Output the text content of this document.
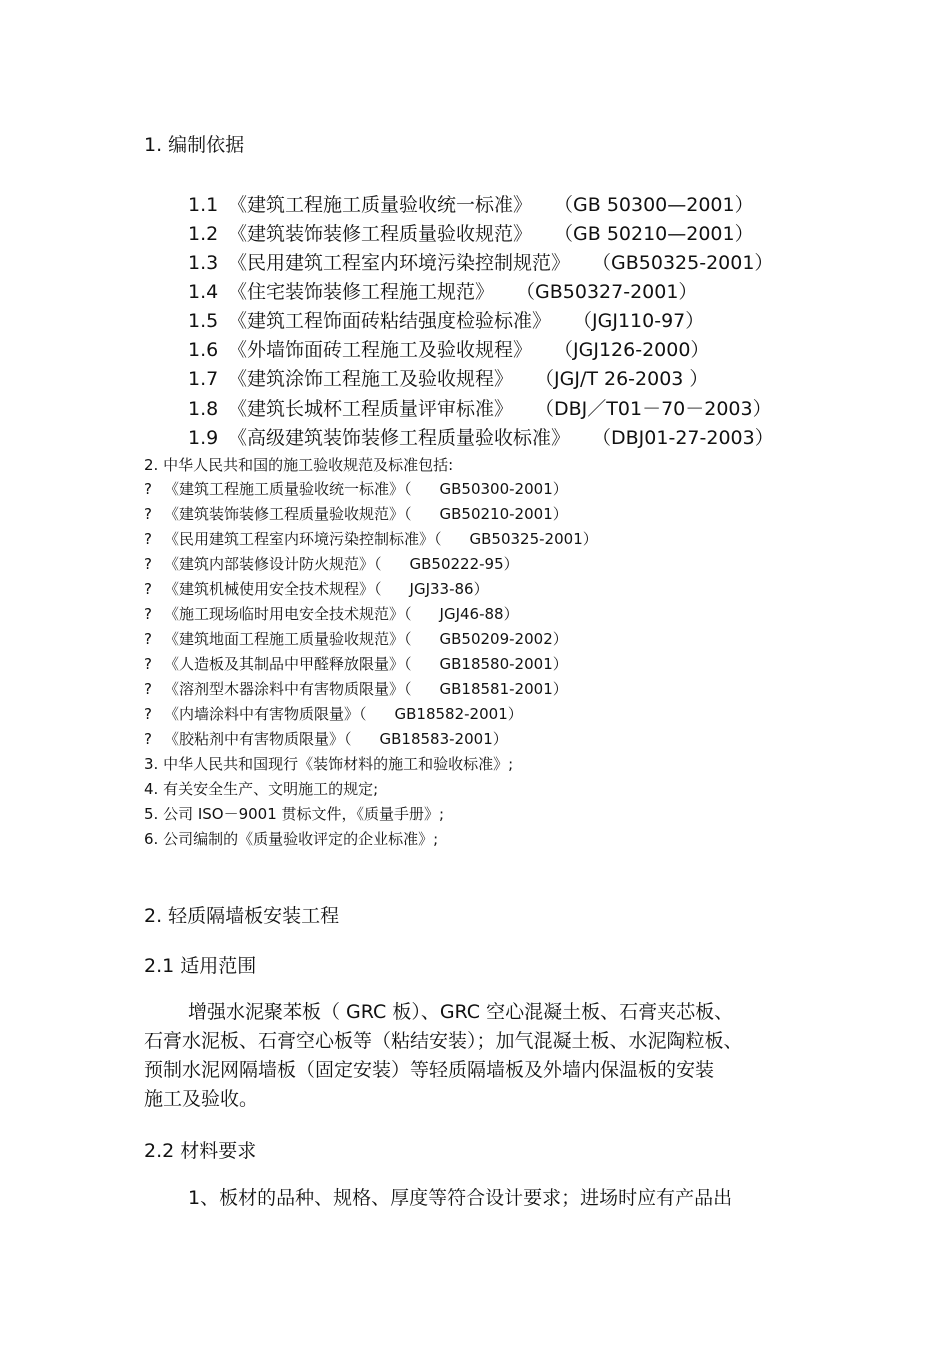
1. 编制依据
1.1 《建筑工程施工质量验收统一标准》 （GB 50300—2001）
1.2 《建筑装饰装修工程质量验收规范》 （GB 50210—2001）
1.3 《民用建筑工程室内环境污染控制规范》 （GB50325-2001）
1.4 《住宅装饰装修工程施工规范》 （GB50327-2001）
1.5 《建筑工程饰面砖粘结强度检验标准》 （JGJ110-97）
1.6 《外墙饰面砖工程施工及验收规程》 （JGJ126-2000）
1.7 《建筑涂饰工程施工及验收规程》 （JGJ/T 26-2003 ）
1.8 《建筑长城杯工程质量评审标准》 （DBJ／T01－70－2003）
1.9 《高级建筑装饰装修工程质量验收标准》 （DBJ01-27-2003）
2. 中华人民共和国的施工验收规范及标准包括:
? 《建筑工程施工质量验收统一标准》（ GB50300-2001）
? 《建筑装饰装修工程质量验收规范》（ GB50210-2001）
? 《民用建筑工程室内环境污染控制标准》（ GB50325-2001）
? 《建筑内部装修设计防火规范》（ GB50222-95）
? 《建筑机械使用安全技术规程》（ JGJ33-86）
? 《施工现场临时用电安全技术规范》（ JGJ46-88）
? 《建筑地面工程施工质量验收规范》（ GB50209-2002）
? 《人造板及其制品中甲醛释放限量》（ GB18580-2001）
? 《溶剂型木器涂料中有害物质限量》（ GB18581-2001）
? 《内墙涂料中有害物质限量》（ GB18582-2001）
? 《胶粘剂中有害物质限量》（ GB18583-2001）
3. 中华人民共和国现行《装饰材料的施工和验收标准》;
4. 有关安全生产、文明施工的规定;
5. 公司 ISO－9001 贯标文件，《质量手册》;
6. 公司编制的《质量验收评定的企业标准》;
2. 轻质隔墙板安装工程
2.1 适用范围

增强水泥聚苯板（ GRC 板）、GRC 空心混凝土板、石膏夹芯板、

石膏水泥板、石膏空心板等（粘结安装）；加气混凝土板、水泥陶粒板、

预制水泥网隔墙板（固定安装）等轻质隔墙板及外墙内保温板的安装

施工及验收。

2.2 材料要求

1、板材的品种、规格、厚度等符合设计要求；进场时应有产品出
